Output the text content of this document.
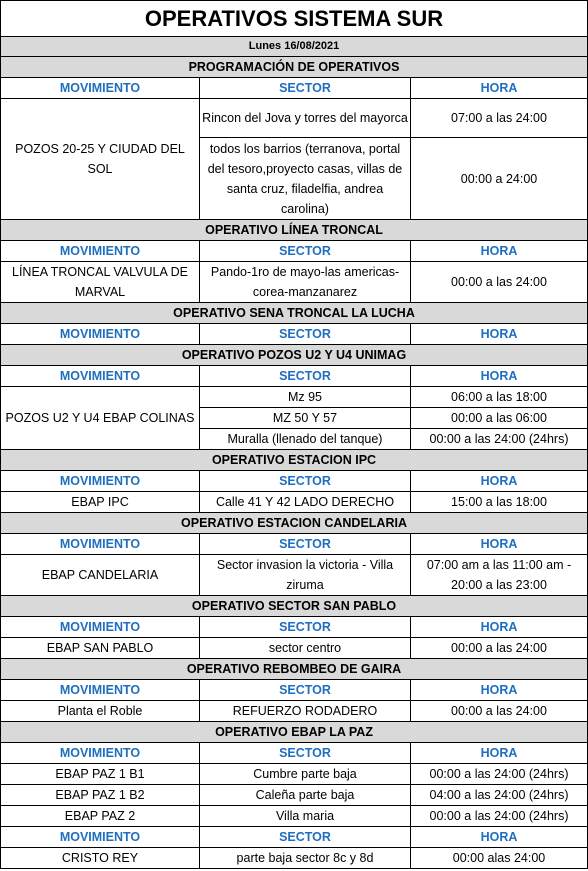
OPERATIVOS SISTEMA SUR		
Lunes 16/08/2021		
PROGRAMACIÓN DE OPERATIVOS		
MOVIMIENTO	SECTOR	HORA
POZOS 20-25 Y CIUDAD DEL SOL	Rincon del Jova y torres del mayorca	07:00 a las 24:00
	todos los barrios (terranova, portal del tesoro,proyecto casas, villas de santa cruz, filadelfia, andrea carolina)	00:00 a 24:00
OPERATIVO LÍNEA TRONCAL		
MOVIMIENTO	SECTOR	HORA
LÍNEA TRONCAL VALVULA DE MARVAL	Pando-1ro de mayo-las americas-corea-manzanarez	00:00 a las 24:00
OPERATIVO SENA TRONCAL LA LUCHA		
MOVIMIENTO	SECTOR	HORA
OPERATIVO POZOS U2 Y U4 UNIMAG		
MOVIMIENTO	SECTOR	HORA
POZOS U2 Y U4 EBAP COLINAS	Mz 95	06:00 a las 18:00
	MZ 50 Y 57	00:00 a las 06:00
	Muralla (llenado del tanque)	00:00 a las 24:00 (24hrs)
OPERATIVO ESTACION IPC		
MOVIMIENTO	SECTOR	HORA
EBAP IPC	Calle 41 Y 42 LADO DERECHO	15:00 a las 18:00
OPERATIVO ESTACION CANDELARIA		
MOVIMIENTO	SECTOR	HORA
EBAP CANDELARIA	Sector invasion la victoria - Villa ziruma	07:00 am a las 11:00 am - 20:00 a las 23:00
OPERATIVO SECTOR SAN PABLO		
MOVIMIENTO	SECTOR	HORA
EBAP SAN PABLO	sector centro	00:00 a las 24:00
OPERATIVO REBOMBEO DE GAIRA		
MOVIMIENTO	SECTOR	HORA
Planta el Roble	REFUERZO RODADERO	00:00 a las 24:00
OPERATIVO EBAP LA PAZ		
MOVIMIENTO	SECTOR	HORA
EBAP PAZ 1 B1	Cumbre parte baja	00:00 a las 24:00 (24hrs)
EBAP PAZ 1 B2	Caleña parte baja	04:00 a las 24:00 (24hrs)
EBAP PAZ 2	Villa maria	00:00 a las 24:00 (24hrs)
MOVIMIENTO	SECTOR	HORA
CRISTO REY	parte baja sector 8c y 8d	00:00 alas 24:00
